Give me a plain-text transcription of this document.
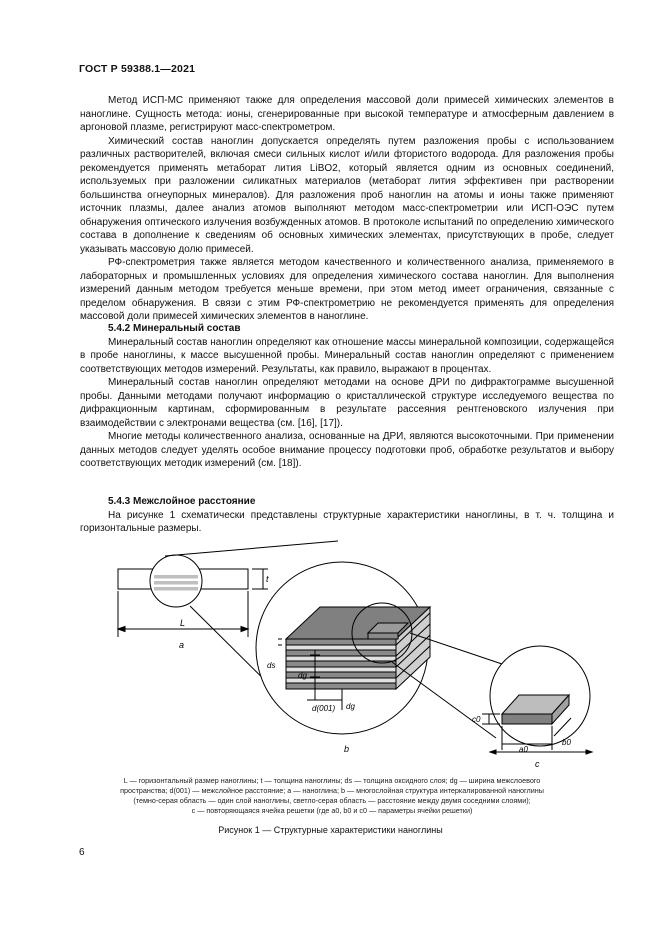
ГОСТ Р 59388.1—2021

Метод ИСП-МС применяют также для определения массовой доли примесей химических элементов в наноглине. Сущность метода: ионы, сгенерированные при высокой температуре и атмосферным давлением в аргоновой плазме, регистрируют масс-спектрометром.

Химический состав наноглин допускается определять путем разложения пробы с использованием различных растворителей, включая смеси сильных кислот и/или фтористого водорода. Для разложения пробы рекомендуется применять метаборат лития LiBO2, который является одним из основных соединений, используемых при разложении силикатных материалов (метаборат лития эффективен при растворении большинства огнеупорных минералов). Для разложения проб наноглин на атомы и ионы также применяют источник плазмы, далее анализ атомов выполняют методом масс-спектрометрии или ИСП-ОЭС путем обнаружения оптического излучения возбужденных атомов. В протоколе испытаний по определению химического состава в дополнение к сведениям об основных химических элементах, присутствующих в пробе, следует указывать массовую долю примесей.

РФ-спектрометрия также является методом качественного и количественного анализа, применяемого в лабораторных и промышленных условиях для определения химического состава наноглин. Для выполнения измерений данным методом требуется меньше времени, при этом метод имеет ограничения, связанные с пределом обнаружения. В связи с этим РФ-спектрометрию не рекомендуется применять для определения массовой доли примесей химических элементов в наноглине.

5.4.2 Минеральный состав

Минеральный состав наноглин определяют как отношение массы минеральной композиции, содержащейся в пробе наноглины, к массе высушенной пробы. Минеральный состав наноглин определяют с применением соответствующих методов измерений. Результаты, как правило, выражают в процентах.

Минеральный состав наноглин определяют методами на основе ДРИ по дифрактограмме высушенной пробы. Данными методами получают информацию о кристаллической структуре исследуемого вещества по дифракционным картинам, сформированным в результате рассеяния рентгеновского излучения при взаимодействии с электронами вещества (см. [16], [17]).

Многие методы количественного анализа, основанные на ДРИ, являются высокоточными. При применении данных методов следует уделять особое внимание процессу подготовки проб, обработке результатов и выбору соответствующих методик измерений (см. [18]).

5.4.3 Межслойное расстояние

На рисунке 1 схематически представлены структурные характеристики наноглины, в т. ч. толщина и горизонтальные размеры.

L
t
a
ds
dg
d(001) dg
b	a0
b0
c0
c
L — горизонтальный размер наноглины; t — толщина наноглины; ds — толщина оксидного слоя; dg — ширина межслоевого
пространства; d(001) — межслойное расстояние; a — наноглина; b — многослойная структура интеркалированной наноглины
(темно-серая область — один слой наноглины, светло-серая область — расстояние между двумя соседними слоями);
c — повторяющаяся ячейка решетки (где a0, b0 и c0 — параметры ячейки решетки)
Рисунок 1 — Структурные характеристики наноглины
6
